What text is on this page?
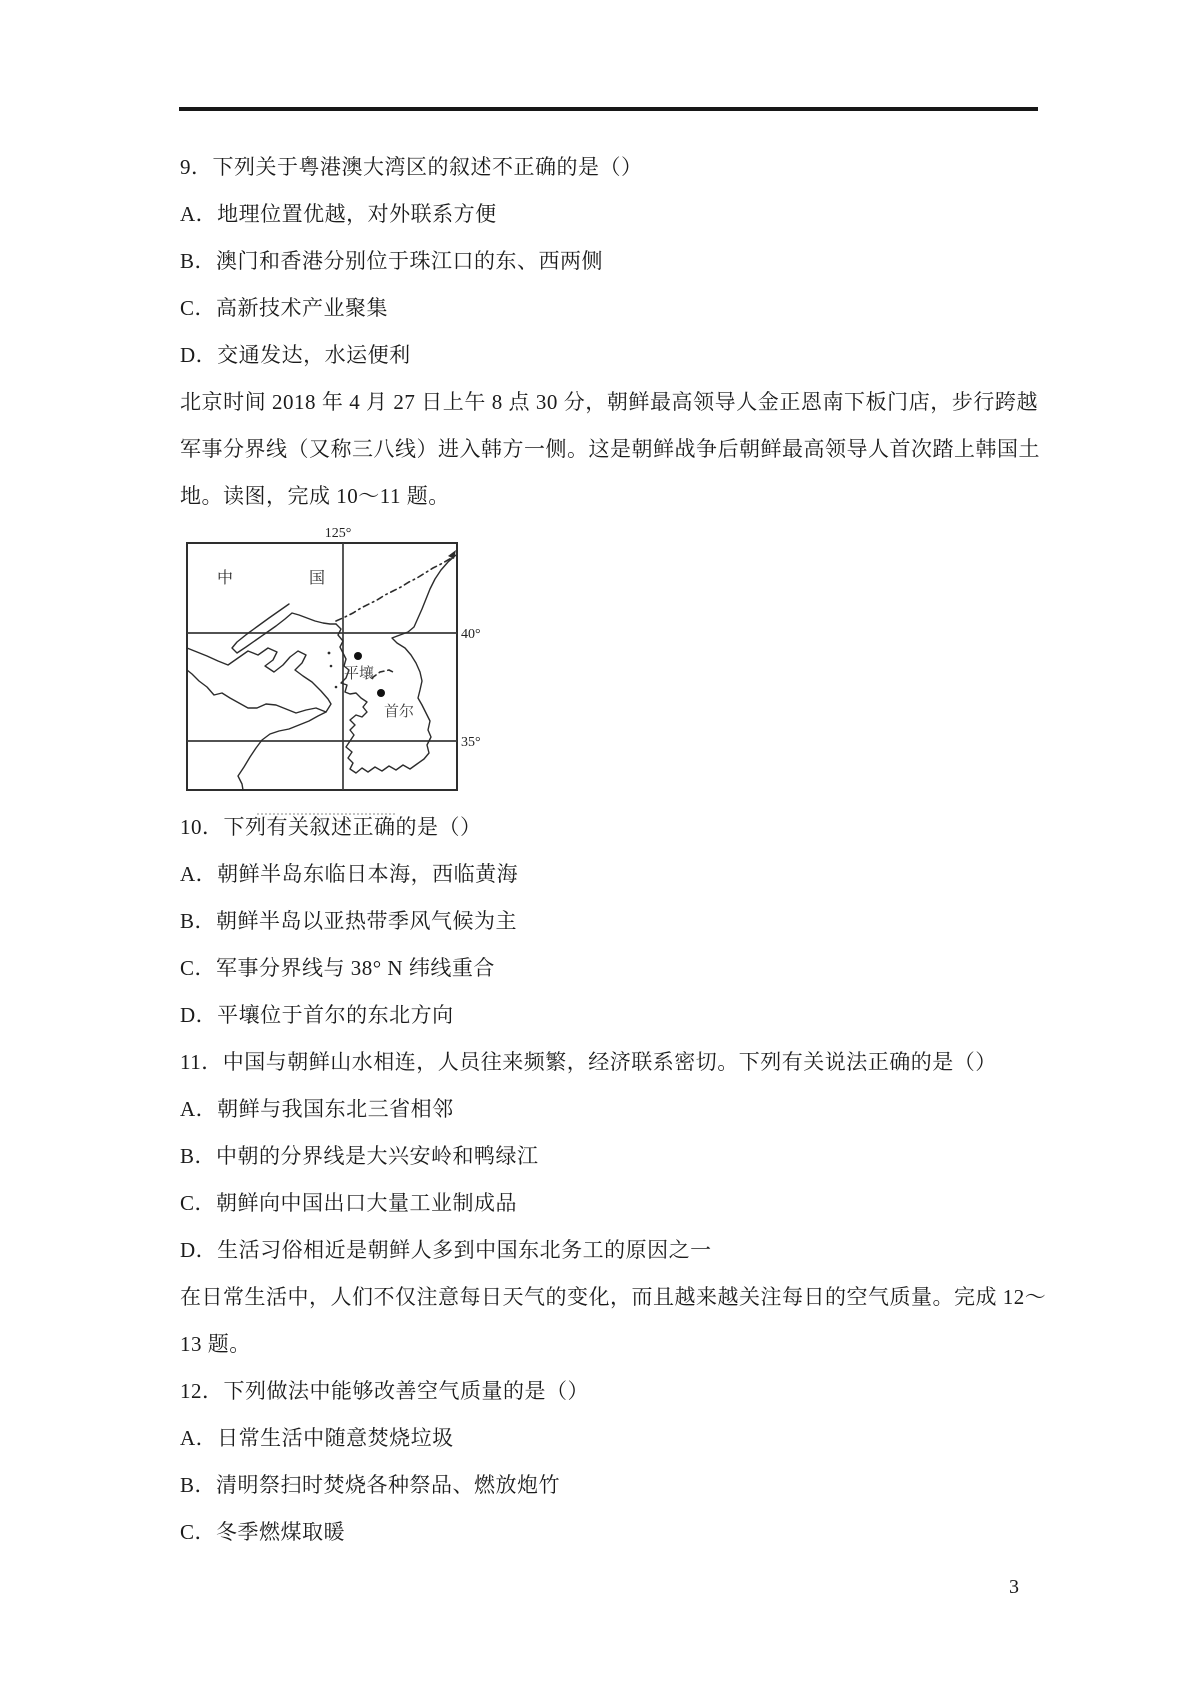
9．下列关于粤港澳大湾区的叙述不正确的是（）
A．地理位置优越，对外联系方便
B．澳门和香港分别位于珠江口的东、西两侧
C．高新技术产业聚集
D．交通发达，水运便利
北京时间 2018 年 4 月 27 日上午 8 点 30 分，朝鲜最高领导人金正恩南下板门店，步行跨越
军事分界线（又称三八线）进入韩方一侧。这是朝鲜战争后朝鲜最高领导人首次踏上韩国土
地。读图，完成 10～11 题。
125°
40°
35°
中	国
平壤
首尔
10．下列有关叙述正确的是（）
A．朝鲜半岛东临日本海，西临黄海
B．朝鲜半岛以亚热带季风气候为主
C．军事分界线与 38° N 纬线重合
D．平壤位于首尔的东北方向
11．中国与朝鲜山水相连，人员往来频繁，经济联系密切。下列有关说法正确的是（）
A．朝鲜与我国东北三省相邻
B．中朝的分界线是大兴安岭和鸭绿江
C．朝鲜向中国出口大量工业制成品
D．生活习俗相近是朝鲜人多到中国东北务工的原因之一
在日常生活中，人们不仅注意每日天气的变化，而且越来越关注每日的空气质量。完成 12～
13 题。
12．下列做法中能够改善空气质量的是（）
A．日常生活中随意焚烧垃圾
B．清明祭扫时焚烧各种祭品、燃放炮竹
C．冬季燃煤取暖
3
